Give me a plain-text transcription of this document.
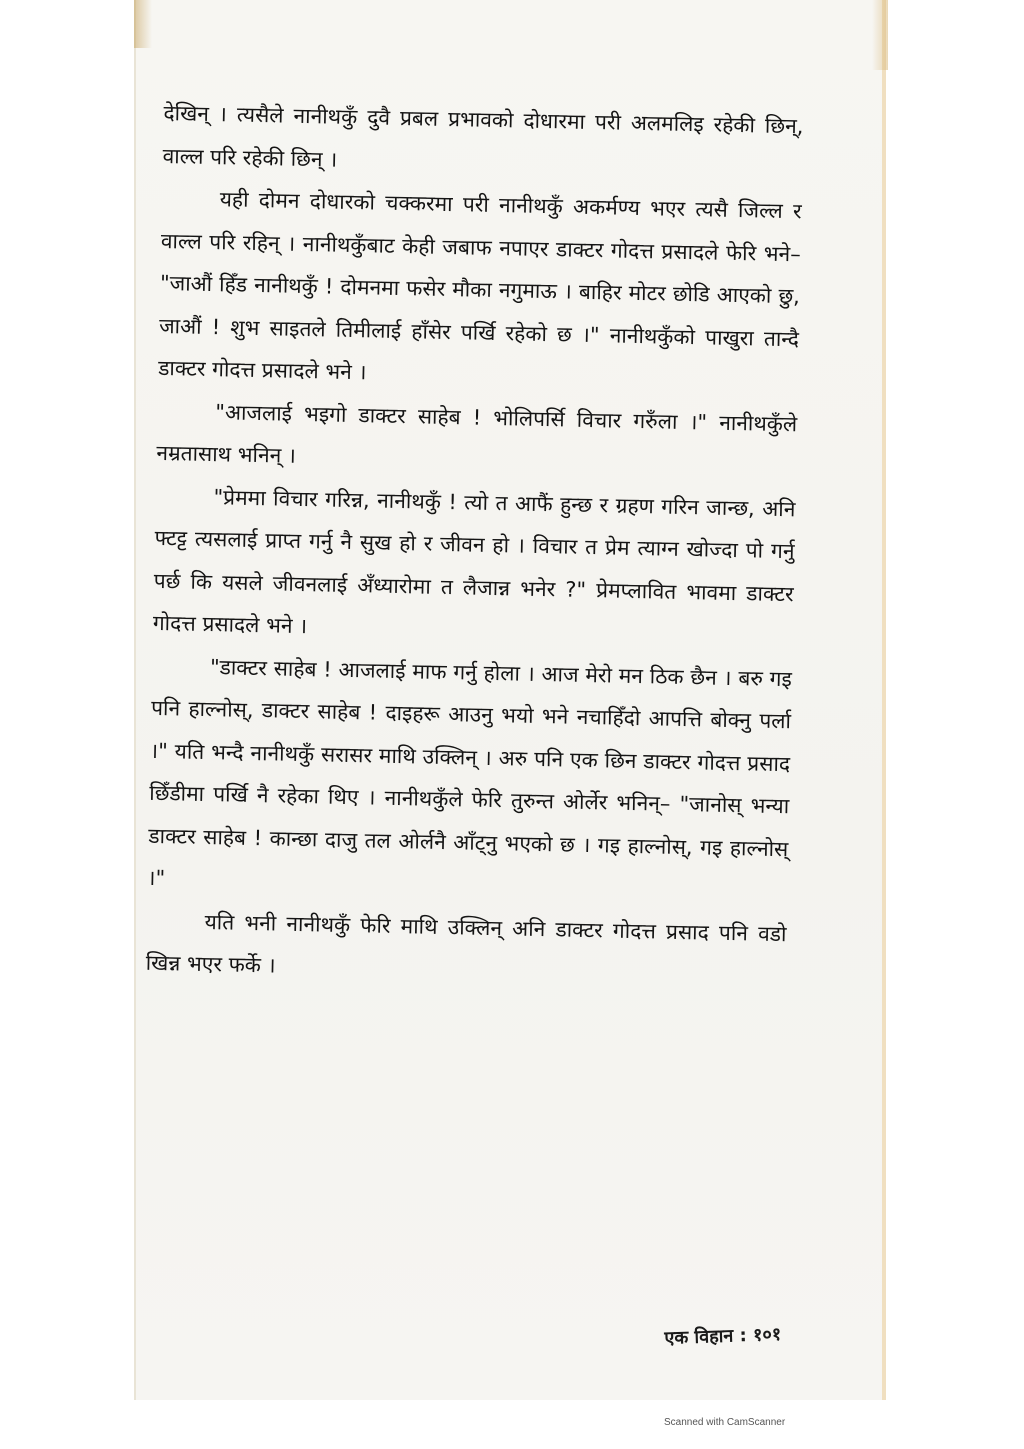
देखिन् । त्यसैले नानीथकुँ दुवै प्रबल प्रभावको दोधारमा परी अलमलिइ रहेकी छिन्, वाल्ल परि रहेकी छिन् ।

यही दोमन दोधारको चक्करमा परी नानीथकुँ अकर्मण्य भएर त्यसै जिल्ल र वाल्ल परि रहिन् । नानीथकुँबाट केही जबाफ नपाएर डाक्टर गोदत्त प्रसादले फेरि भने– "जाऔं हिँड नानीथकुँ ! दोमनमा फसेर मौका नगुमाऊ । बाहिर मोटर छोडि आएको छु, जाऔं ! शुभ साइतले तिमीलाई हाँसेर पर्खि रहेको छ ।" नानीथकुँको पाखुरा तान्दै डाक्टर गोदत्त प्रसादले भने ।

"आजलाई भइगो डाक्टर साहेब ! भोलिपर्सि विचार गरुँला ।" नानीथकुँले नम्रतासाथ भनिन् ।

"प्रेममा विचार गरिन्न, नानीथकुँ ! त्यो त आफैं हुन्छ र ग्रहण गरिन जान्छ, अनि फ्टट्ट त्यसलाई प्राप्त गर्नु नै सुख हो र जीवन हो । विचार त प्रेम त्याग्न खोज्दा पो गर्नु पर्छ कि यसले जीवनलाई अँध्यारोमा त लैजान्न भनेर ?" प्रेमप्लावित भावमा डाक्टर गोदत्त प्रसादले भने ।

"डाक्टर साहेब ! आजलाई माफ गर्नु होला । आज मेरो मन ठिक छैन । बरु गइ पनि हाल्नोस्, डाक्टर साहेब ! दाइहरू आउनु भयो भने नचाहिँदो आपत्ति बोक्नु पर्ला ।" यति भन्दै नानीथकुँ सरासर माथि उक्लिन् । अरु पनि एक छिन डाक्टर गोदत्त प्रसाद छिँडीमा पर्खि नै रहेका थिए । नानीथकुँले फेरि तुरुन्त ओर्लेर भनिन्– "जानोस् भन्या डाक्टर साहेब ! कान्छा दाजु तल ओर्लनै आँट्नु भएको छ । गइ हाल्नोस्, गइ हाल्नोस् ।"

यति भनी नानीथकुँ फेरि माथि उक्लिन् अनि डाक्टर गोदत्त प्रसाद पनि वडो खिन्न भएर फर्के ।

एक विहान : १०१
Scanned with CamScanner
